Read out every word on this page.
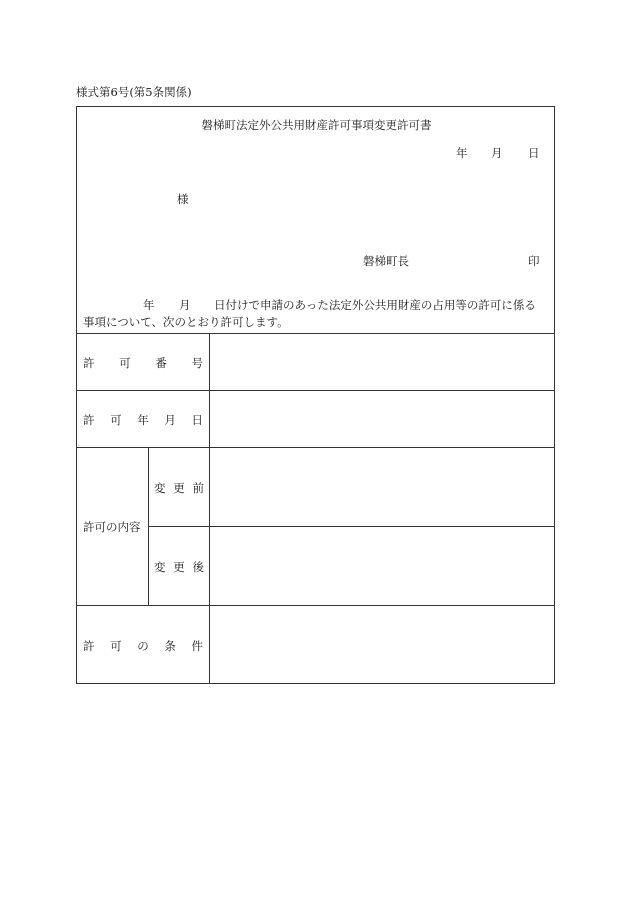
様式第6号(第5条関係)
磐梯町法定外公共用財産許可事項変更許可書
年 月 日
様
磐梯町長	印
年 月 日付けで申請のあった法定外公共用財産の占用等の許可に係る
事項について、次のとおり許可します。
許 可 番 号
許 可 年 月 日
許可の内容
変 更 前
変 更 後
許 可 の 条 件
